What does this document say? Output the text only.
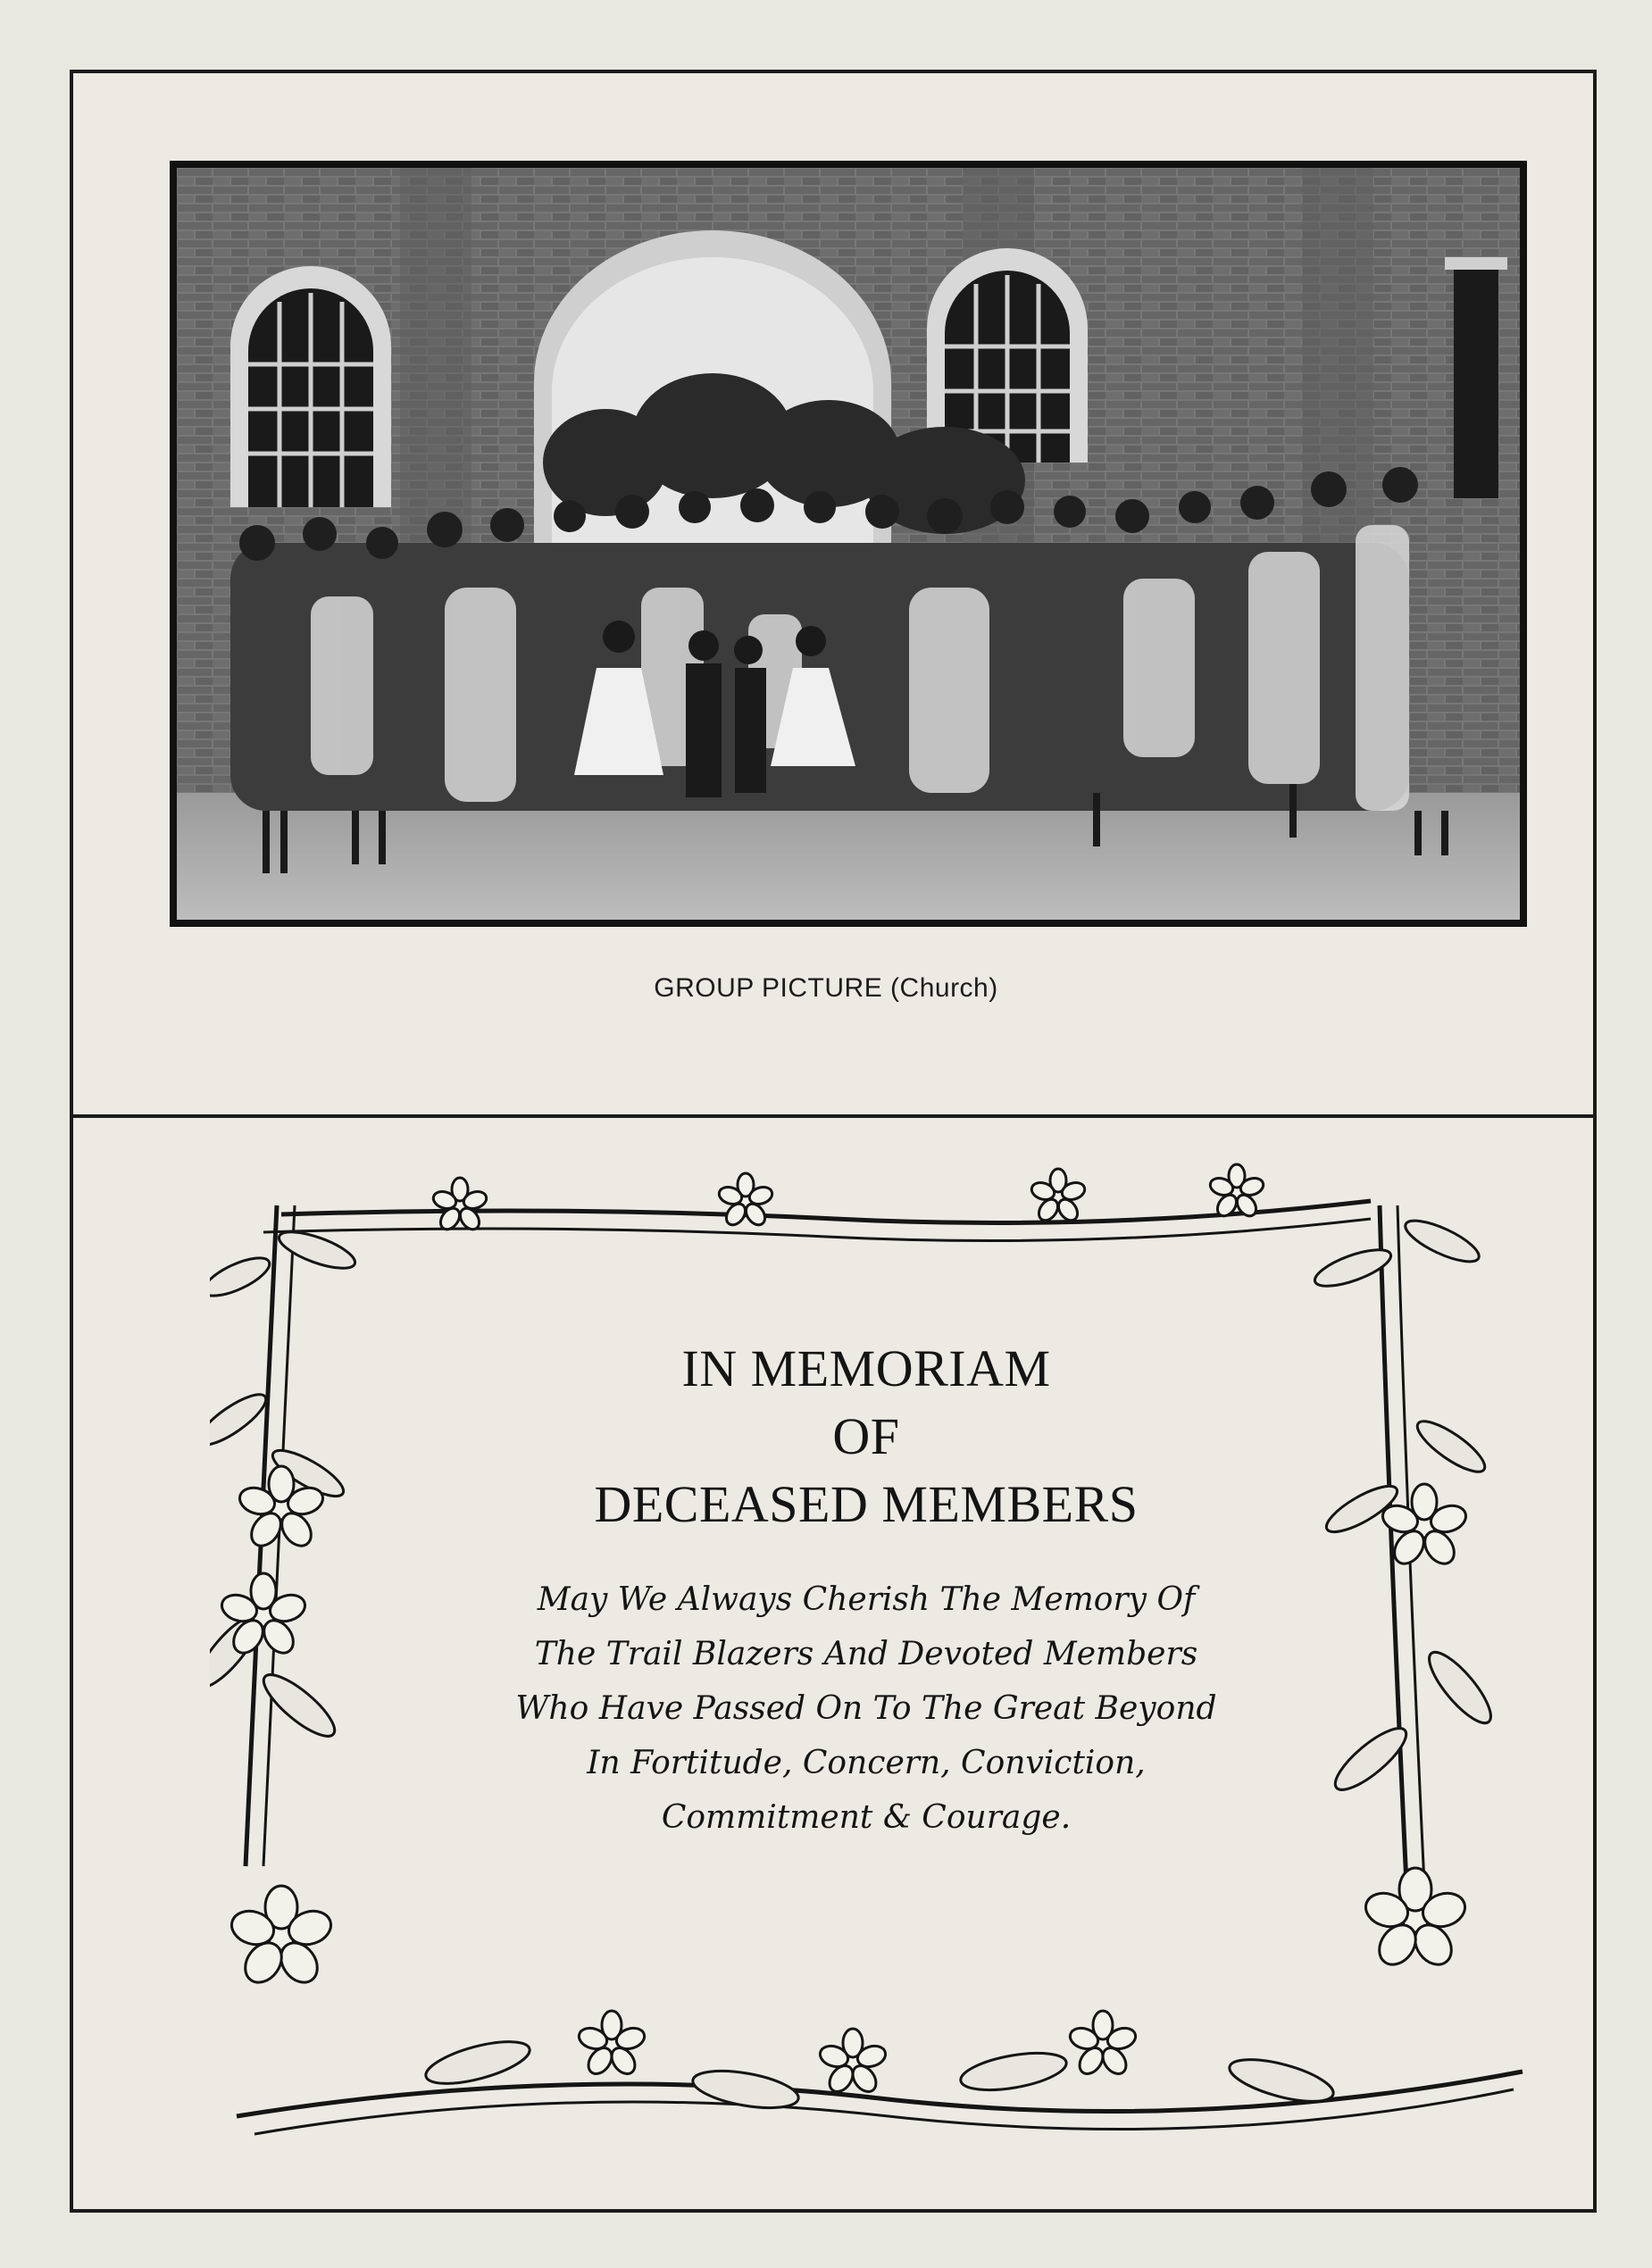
GROUP PICTURE (Church)
IN MEMORIAM
OF
DECEASED MEMBERS
May We Always Cherish The Memory Of
The Trail Blazers And Devoted Members
Who Have Passed On To The Great Beyond
In Fortitude, Concern, Conviction,
Commitment & Courage.
